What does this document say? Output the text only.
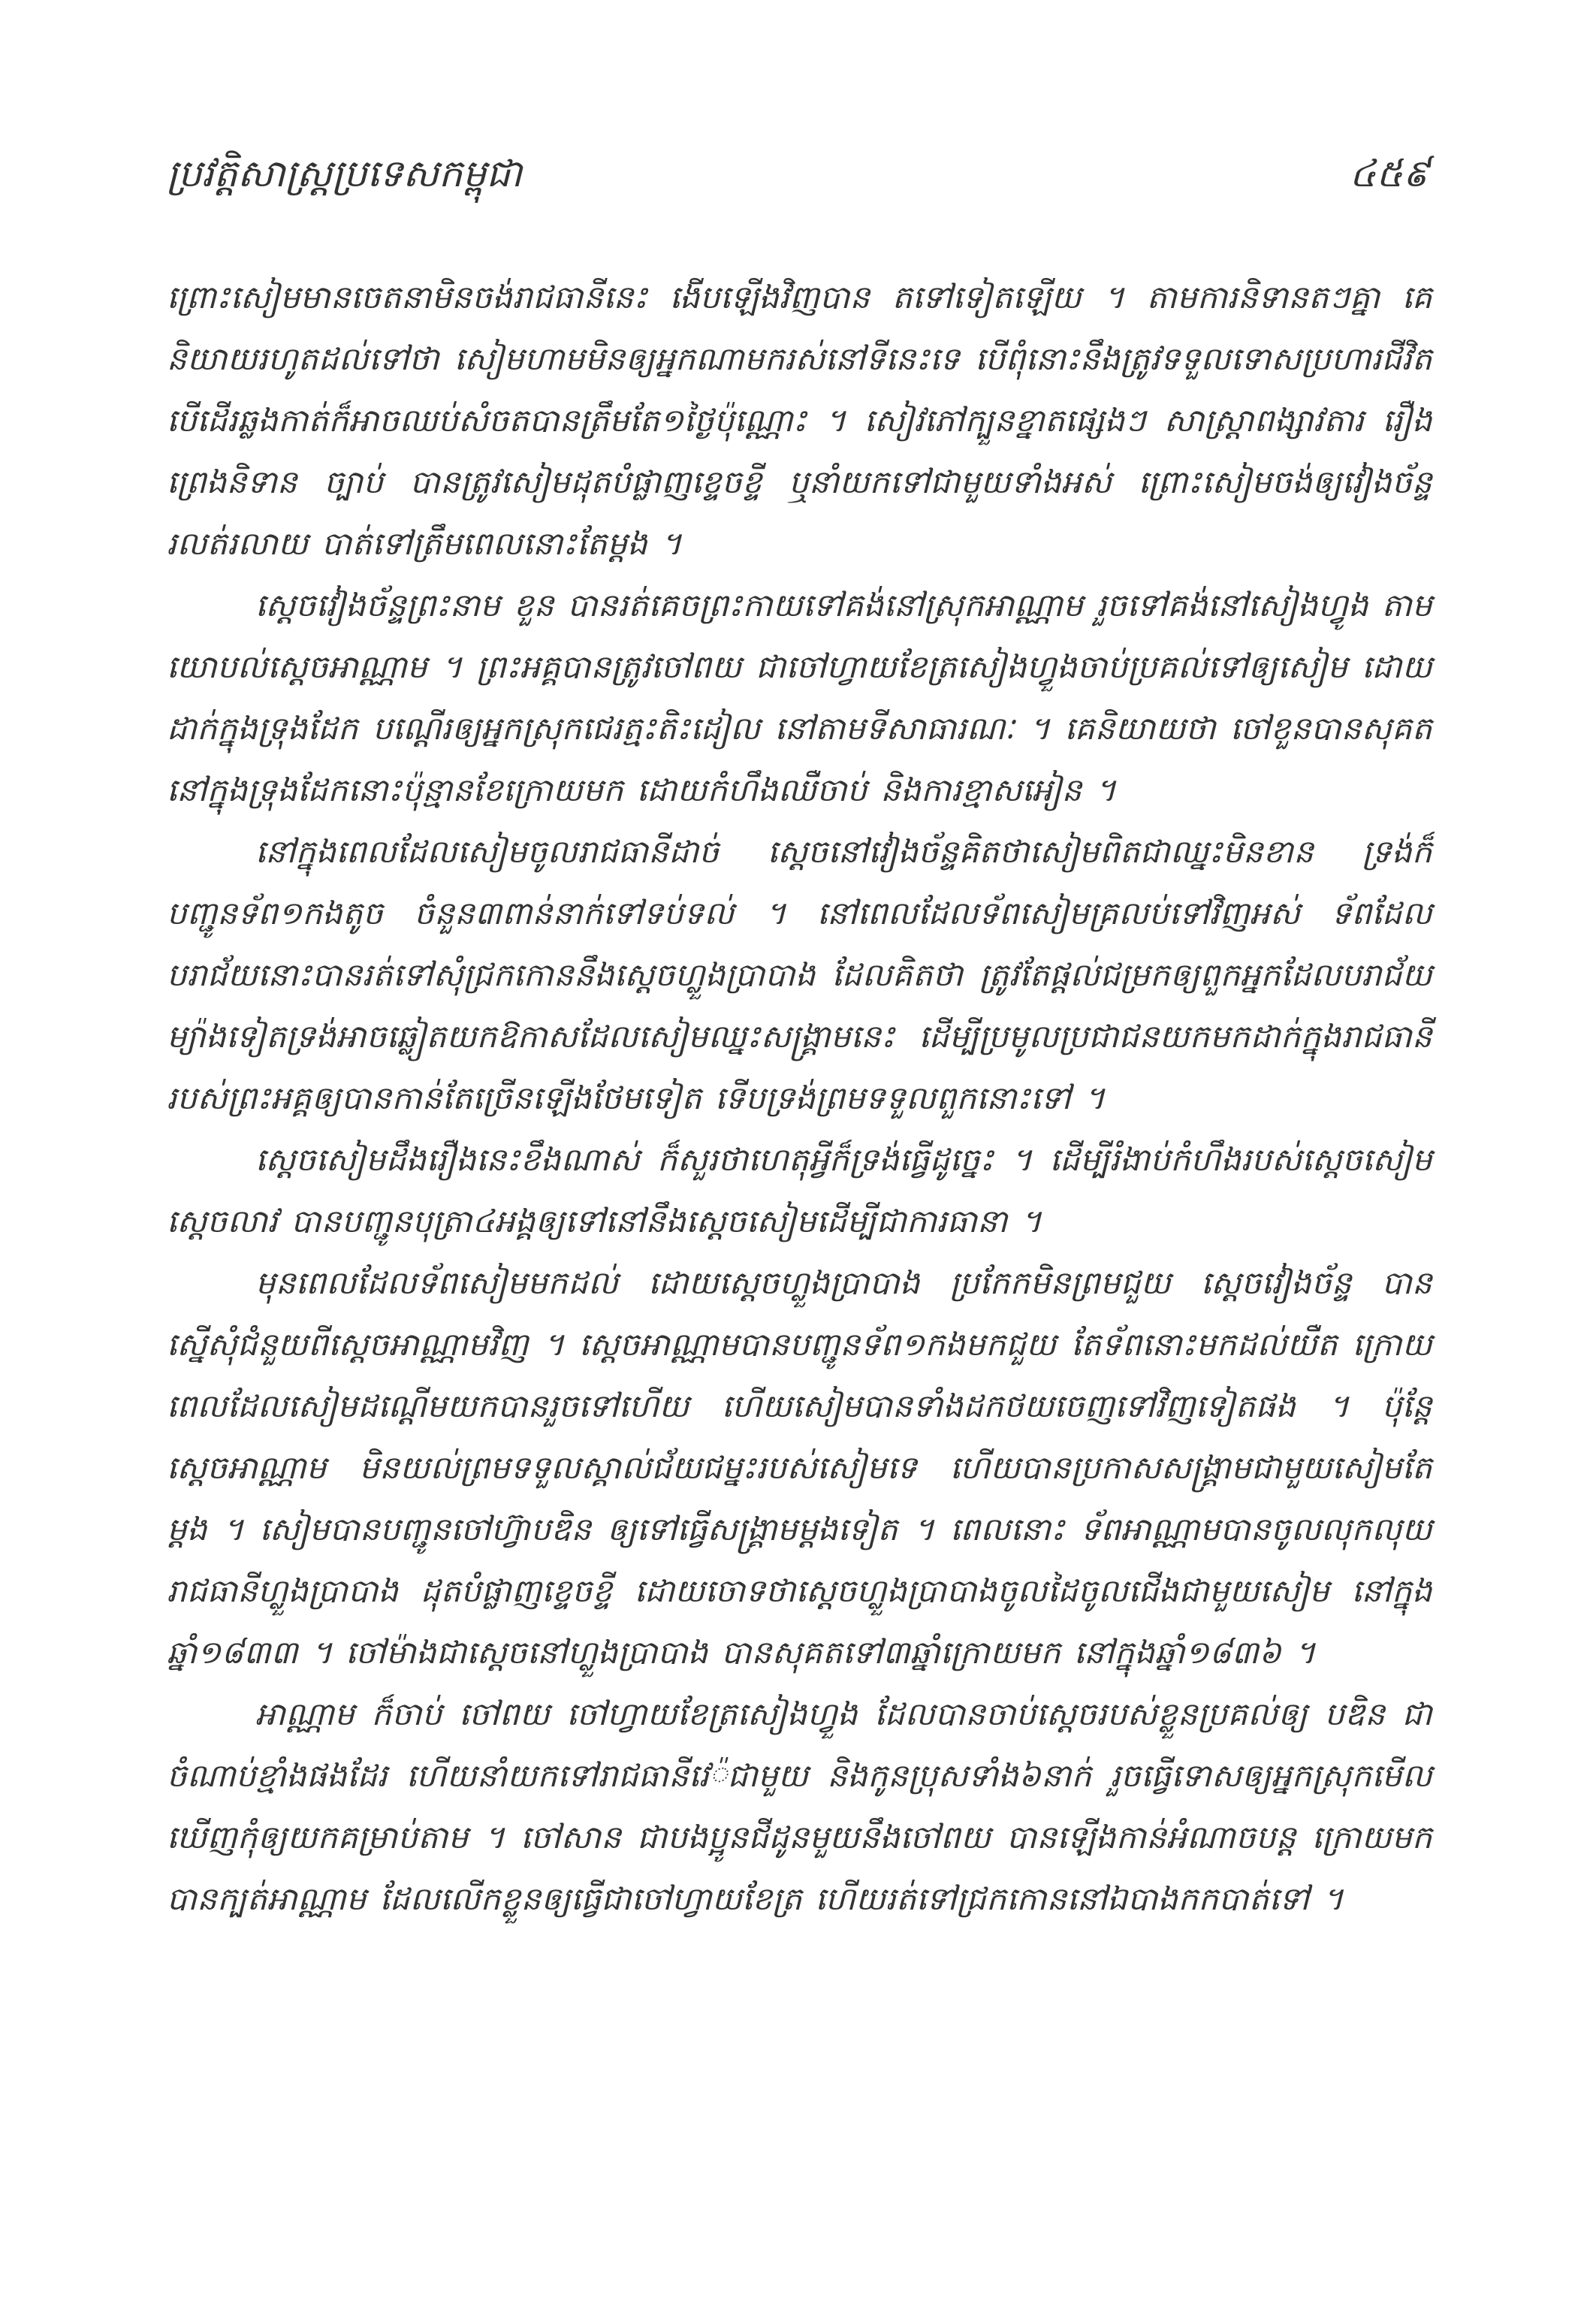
ប្រវត្តិសាស្ត្រប្រទេសកម្ពុជា	៤៥៩

ព្រោះសៀមមានចេតនាមិនចង់រាជធានីនេះ ងើបឡើងវិញបាន តទៅទៀតឡើយ ។ តាមការនិទានតៗគ្នា គេនិយាយរហូតដល់ទៅថា សៀមហាមមិនឲ្យអ្នកណាមករស់នៅទីនេះទេ បើពុំនោះនឹងត្រូវទទួលទោសប្រហារជីវិត បើដើរឆ្លងកាត់ក៏អាចឈប់សំចតបានត្រឹមតែ១ថ្ងៃប៉ុណ្ណោះ ។ សៀវភៅក្បួនខ្នាតផ្សេងៗ សាស្ត្រាពង្សាវតារ រឿងព្រេងនិទាន ច្បាប់ បានត្រូវសៀមដុតបំផ្លាញខ្ទេចខ្ទី ឬនាំយកទៅជាមួយទាំងអស់ ព្រោះសៀមចង់ឲ្យវៀងច័ន្ទរលត់រលាយ បាត់ទៅត្រឹមពេលនោះតែម្តង ។

ស្តេចវៀងច័ន្ទព្រះនាម ខួន បានរត់គេចព្រះកាយទៅគង់នៅស្រុកអាណ្ណាម រួចទៅគង់នៅសៀងហ្វូង តាមយោបល់ស្តេចអាណ្ណាម ។ ព្រះអគ្គបានត្រូវចៅពយ ជាចៅហ្វាយខែត្រសៀងហ្វួងចាប់ប្រគល់ទៅឲ្យសៀម ដោយដាក់ក្នុងទ្រុងដែក បណ្តើរឲ្យអ្នកស្រុកជេរត្មះតិះដៀល នៅតាមទីសាធារណៈ ។ គេនិយាយថា ចៅខួនបានសុគតនៅក្នុងទ្រុងដែកនោះប៉ុន្មានខែក្រោយមក ដោយកំហឹងឈឺចាប់ និងការខ្មាសអៀន ។

នៅក្នុងពេលដែលសៀមចូលរាជធានីដាច់ ស្តេចនៅវៀងច័ន្ទគិតថាសៀមពិតជាឈ្នះមិនខាន ទ្រង់ក៏បញ្ជូនទ័ព១កងតូច ចំនួន៣ពាន់នាក់ទៅទប់ទល់ ។ នៅពេលដែលទ័ពសៀមគ្រលប់ទៅវិញអស់ ទ័ពដែលបរាជ័យនោះបានរត់ទៅសុំជ្រកកោននឹងស្តេចហ្លួងប្រាបាង ដែលគិតថា ត្រូវតែផ្តល់ជម្រកឲ្យពួកអ្នកដែលបរាជ័យ ម្យ៉ាងទៀតទ្រង់អាចឆ្លៀតយកឱកាសដែលសៀមឈ្នះសង្គ្រាមនេះ ដើម្បីប្រមូលប្រជាជនយកមកដាក់ក្នុងរាជធានីរបស់ព្រះអគ្គឲ្យបានកាន់តែច្រើនឡើងថែមទៀត ទើបទ្រង់ព្រមទទួលពួកនោះទៅ ។

ស្តេចសៀមដឹងរឿងនេះខឹងណាស់ ក៏សួរថាហេតុអ្វីក៏ទ្រង់ធ្វើដូច្នេះ ។ ដើម្បីរំងាប់កំហឹងរបស់ស្តេចសៀម ស្តេចលាវ បានបញ្ជូនបុត្រា៤អង្គឲ្យទៅនៅនឹងស្តេចសៀមដើម្បីជាការធានា ។

មុនពេលដែលទ័ពសៀមមកដល់ ដោយស្តេចហ្លួងប្រាបាង ប្រកែកមិនព្រមជួយ ស្តេចវៀងច័ន្ទ បានស្នើសុំជំនួយពីស្តេចអាណ្ណាមវិញ ។ ស្តេចអាណ្ណាមបានបញ្ជូនទ័ព១កងមកជួយ តែទ័ពនោះមកដល់យឺត ក្រោយពេលដែលសៀមដណ្តើមយកបានរួចទៅហើយ ហើយសៀមបានទាំងដកថយចេញទៅវិញទៀតផង ។ ប៉ុន្តែស្តេចអាណ្ណាម មិនយល់ព្រមទទួលស្គាល់ជ័យជម្នះរបស់សៀមទេ ហើយបានប្រកាសសង្គ្រាមជាមួយសៀមតែម្តង ។ សៀមបានបញ្ជូនចៅហ៊្វាបឌិន ឲ្យទៅធ្វើសង្គ្រាមម្តងទៀត ។ ពេលនោះ ទ័ពអាណ្ណាមបានចូលលុកលុយរាជធានីហ្លួងប្រាបាង ដុតបំផ្លាញខ្ទេចខ្ទី ដោយចោទថាស្តេចហ្លួងប្រាបាងចូលដៃចូលជើងជាមួយសៀម នៅក្នុងឆ្នាំ១៨៣៣ ។ ចៅម៉ាងជាស្តេចនៅហ្លួងប្រាបាង បានសុគតទៅ៣ឆ្នាំក្រោយមក នៅក្នុងឆ្នាំ១៨៣៦ ។

អាណ្ណាម ក៏ចាប់ ចៅពយ ចៅហ្វាយខែត្រសៀងហ្វួង ដែលបានចាប់ស្តេចរបស់ខ្លួនប្រគល់ឲ្យ បឌិន ជាចំណាប់ខ្មាំងផងដែរ ហើយនាំយកទៅរាជធានីវេ៉ជាមួយ និងកូនប្រុសទាំង៦នាក់ រួចធ្វើទោសឲ្យអ្នកស្រុកមើលឃើញកុំឲ្យយកគម្រាប់តាម ។ ចៅសាន ជាបងប្អូនជីដូនមួយនឹងចៅពយ បានឡើងកាន់អំណាចបន្ត ក្រោយមកបានក្បត់អាណ្ណាម ដែលលើកខ្លួនឲ្យធ្វើជាចៅហ្វាយខែត្រ ហើយរត់ទៅជ្រកកោននៅឯបាងកកបាត់ទៅ ។
